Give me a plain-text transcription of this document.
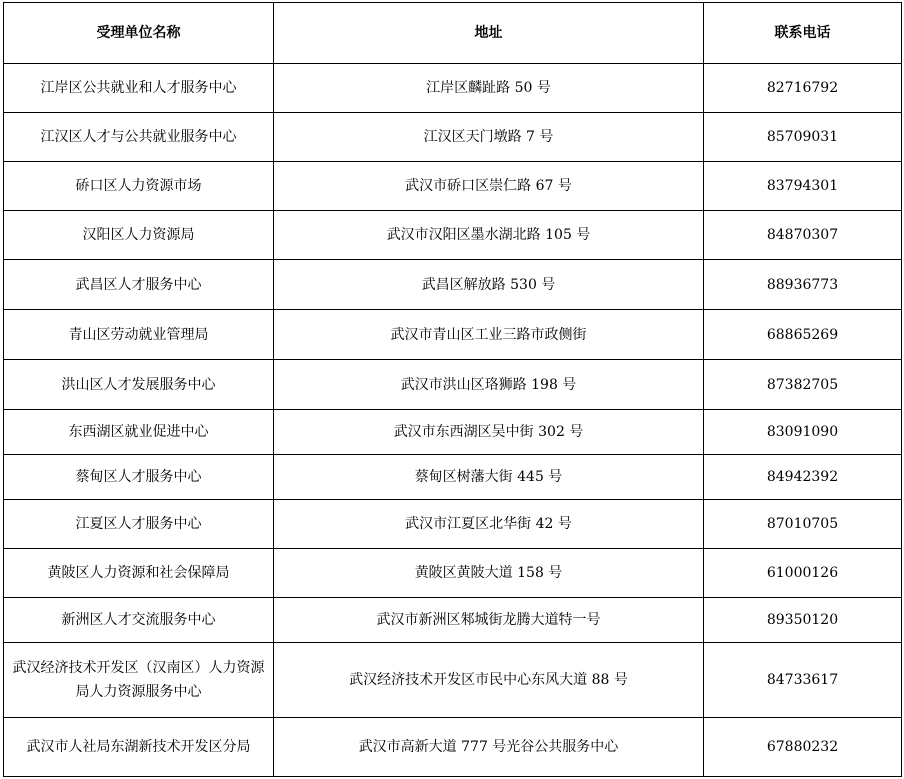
受理单位名称	地址	联系电话
江岸区公共就业和人才服务中心	江岸区麟趾路 50 号	82716792
江汉区人才与公共就业服务中心	江汉区天门墩路 7 号	85709031
硚口区人力资源市场	武汉市硚口区崇仁路 67 号	83794301
汉阳区人力资源局	武汉市汉阳区墨水湖北路 105 号	84870307
武昌区人才服务中心	武昌区解放路 530 号	88936773
青山区劳动就业管理局	武汉市青山区工业三路市政侧街	68865269
洪山区人才发展服务中心	武汉市洪山区珞狮路 198 号	87382705
东西湖区就业促进中心	武汉市东西湖区吴中街 302 号	83091090
蔡甸区人才服务中心	蔡甸区树藩大街 445 号	84942392
江夏区人才服务中心	武汉市江夏区北华街 42 号	87010705
黄陂区人力资源和社会保障局	黄陂区黄陂大道 158 号	61000126
新洲区人才交流服务中心	武汉市新洲区邾城街龙腾大道特一号	89350120
武汉经济技术开发区（汉南区）人力资源局人力资源服务中心	武汉经济技术开发区市民中心东风大道 88 号	84733617
武汉市人社局东湖新技术开发区分局	武汉市高新大道 777 号光谷公共服务中心	67880232
